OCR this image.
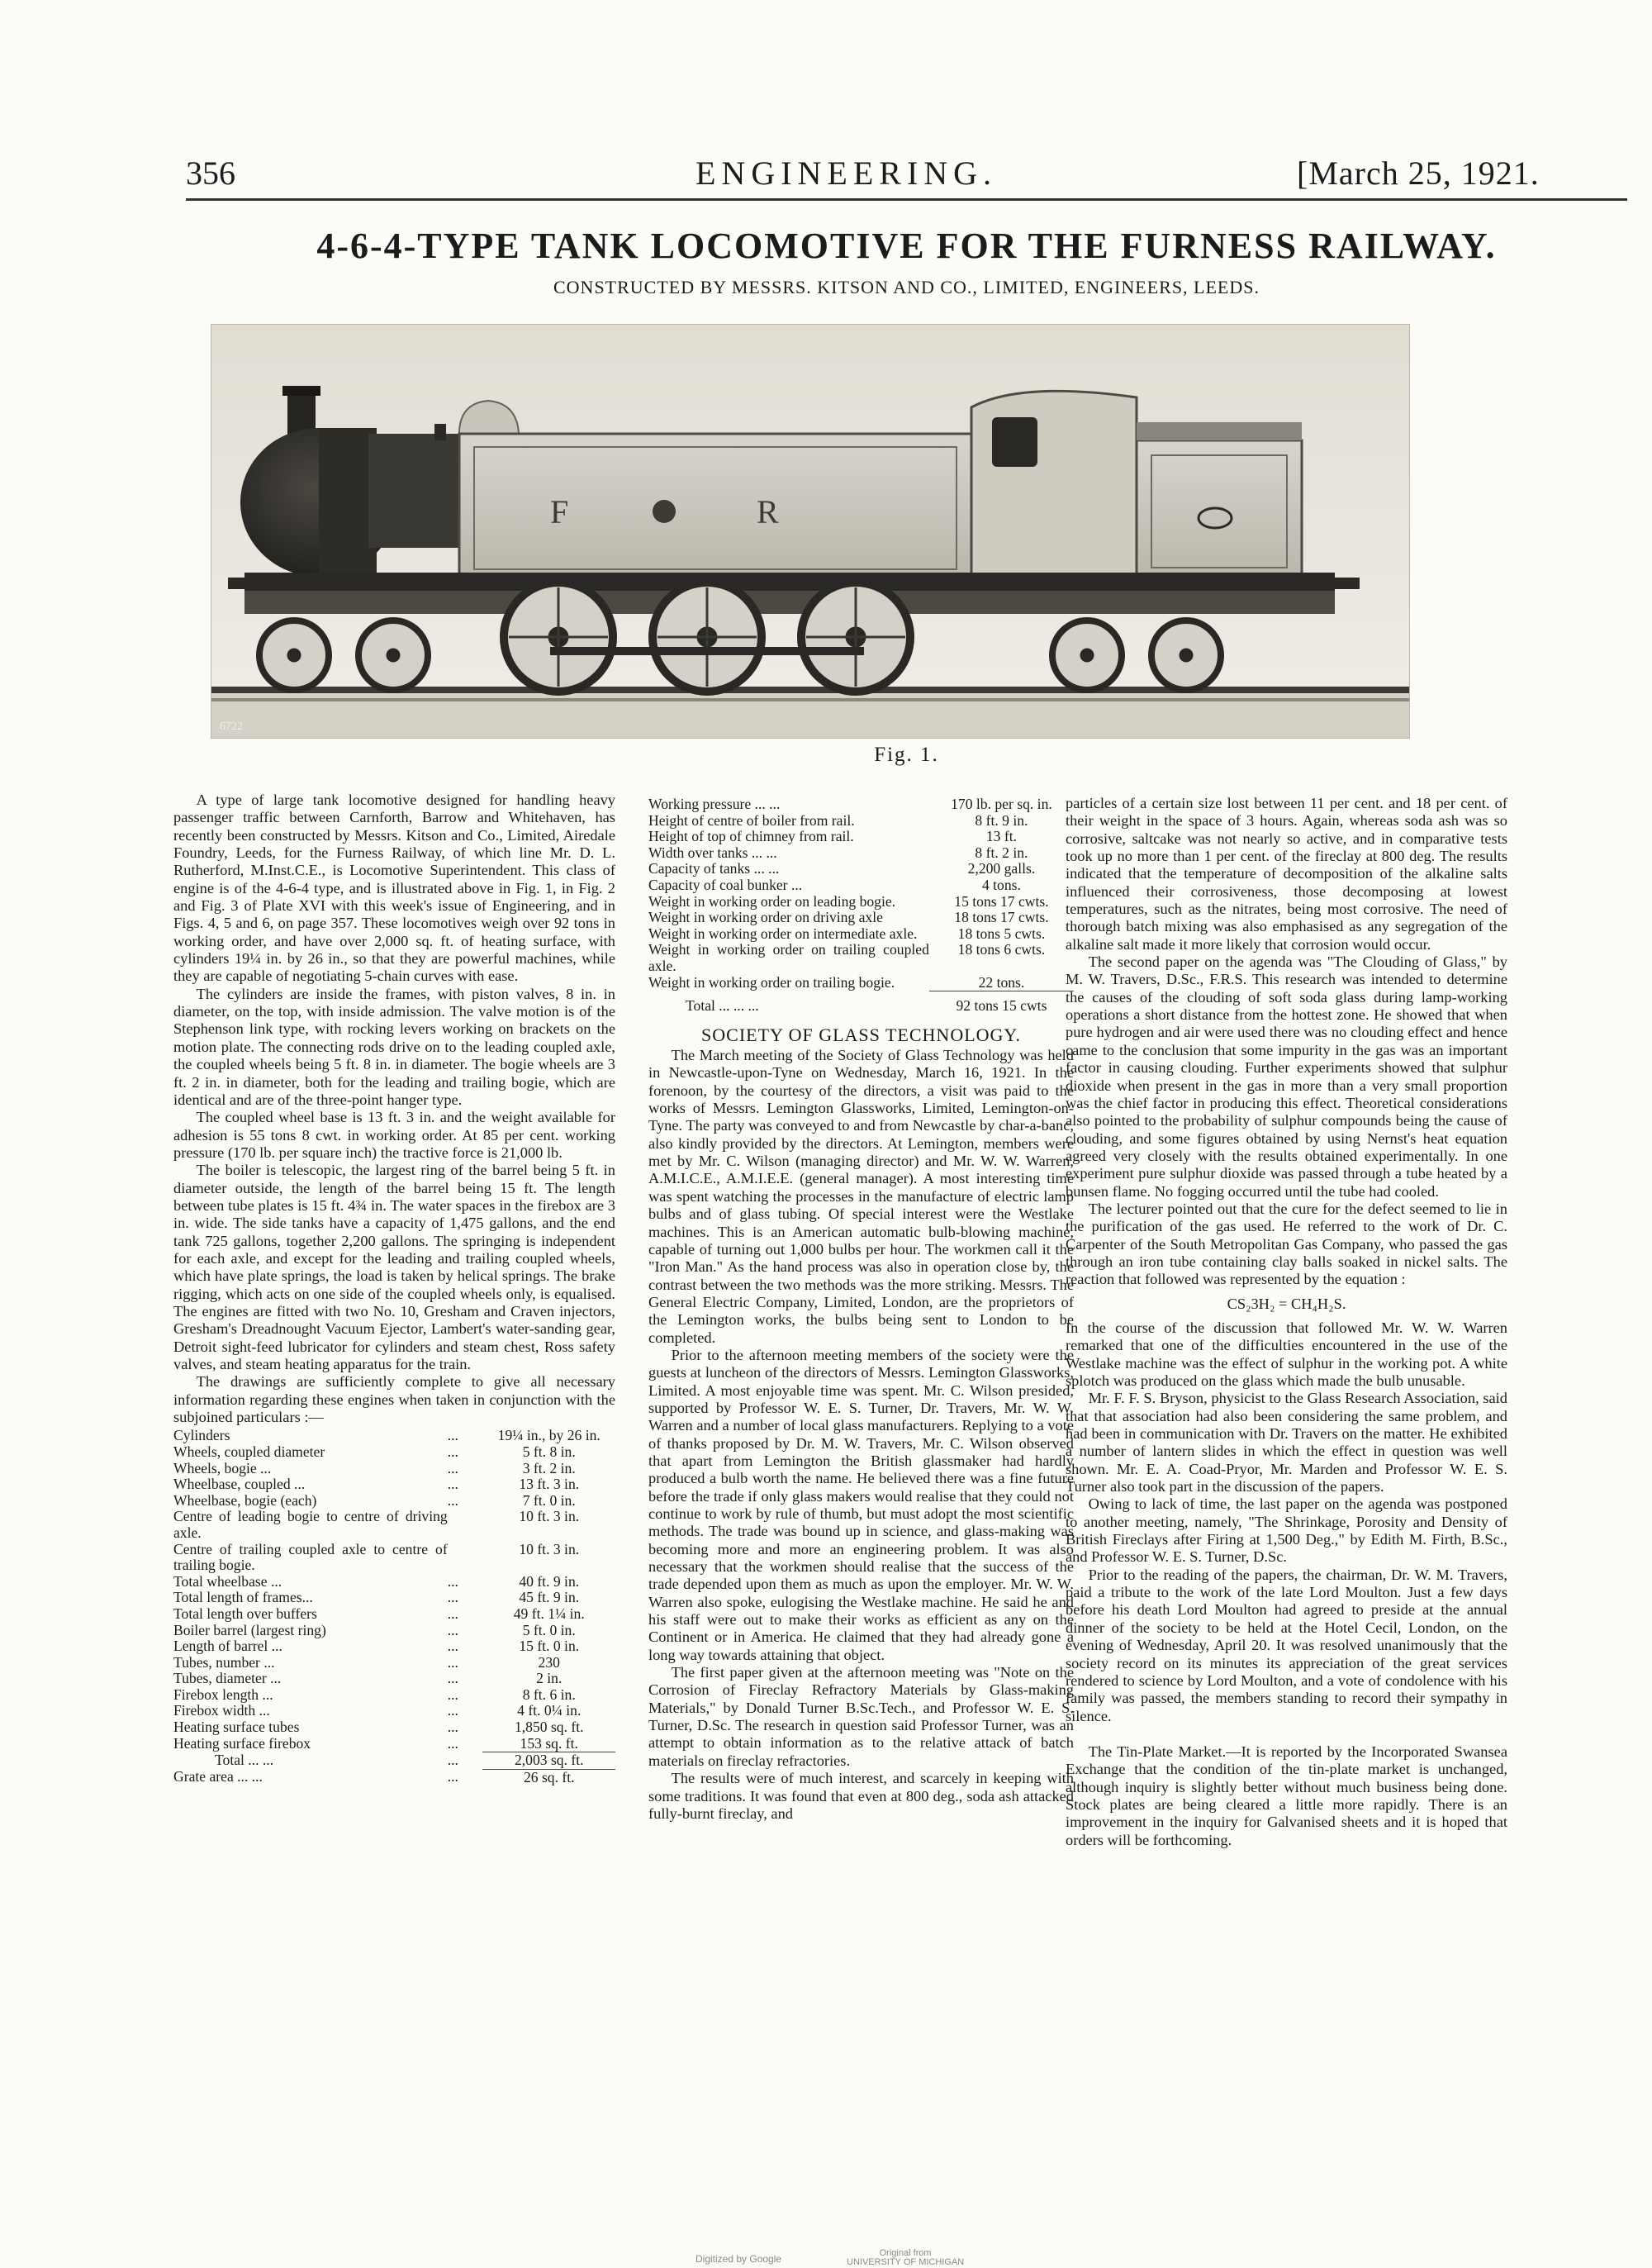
356	ENGINEERING.	[March 25, 1921.
4-6-4-TYPE TANK LOCOMOTIVE FOR THE FURNESS RAILWAY.
CONSTRUCTED BY MESSRS. KITSON AND CO., LIMITED, ENGINEERS, LEEDS.
F	R
6722
Fig. 1.

A type of large tank locomotive designed for handling heavy passenger traffic between Carnforth, Barrow and Whitehaven, has recently been constructed by Messrs. Kitson and Co., Limited, Airedale Foundry, Leeds, for the Furness Railway, of which line Mr. D. L. Rutherford, M.Inst.C.E., is Locomotive Superintendent. This class of engine is of the 4-6-4 type, and is illustrated above in Fig. 1, in Fig. 2 and Fig. 3 of Plate XVI with this week's issue of Engineering, and in Figs. 4, 5 and 6, on page 357. These locomotives weigh over 92 tons in working order, and have over 2,000 sq. ft. of heating surface, with cylinders 19¼ in. by 26 in., so that they are powerful machines, while they are capable of negotiating 5-chain curves with ease.

The cylinders are inside the frames, with piston valves, 8 in. in diameter, on the top, with inside admission. The valve motion is of the Stephenson link type, with rocking levers working on brackets on the motion plate. The connecting rods drive on to the leading coupled axle, the coupled wheels being 5 ft. 8 in. in diameter. The bogie wheels are 3 ft. 2 in. in diameter, both for the leading and trailing bogie, which are identical and are of the three-point hanger type.

The coupled wheel base is 13 ft. 3 in. and the weight available for adhesion is 55 tons 8 cwt. in working order. At 85 per cent. working pressure (170 lb. per square inch) the tractive force is 21,000 lb.

The boiler is telescopic, the largest ring of the barrel being 5 ft. in diameter outside, the length of the barrel being 15 ft. The length between tube plates is 15 ft. 4¾ in. The water spaces in the firebox are 3 in. wide. The side tanks have a capacity of 1,475 gallons, and the end tank 725 gallons, together 2,200 gallons. The springing is independent for each axle, and except for the leading and trailing coupled wheels, which have plate springs, the load is taken by helical springs. The brake rigging, which acts on one side of the coupled wheels only, is equalised. The engines are fitted with two No. 10, Gresham and Craven injectors, Gresham's Dreadnought Vacuum Ejector, Lambert's water-sanding gear, Detroit sight-feed lubricator for cylinders and steam chest, Ross safety valves, and steam heating apparatus for the train.

The drawings are sufficiently complete to give all necessary information regarding these engines when taken in conjunction with the subjoined particulars :—

Cylinders	...	19¼ in., by 26 in.
Wheels, coupled diameter	...	5 ft. 8 in.
Wheels, bogie ...	...	3 ft. 2 in.
Wheelbase, coupled ...	...	13 ft. 3 in.
Wheelbase, bogie (each)	...	7 ft. 0 in.
Centre of leading bogie to centre of driving axle.		10 ft. 3 in.
Centre of trailing coupled axle to centre of trailing bogie.		10 ft. 3 in.
Total wheelbase ...	...	40 ft. 9 in.
Total length of frames...	...	45 ft. 9 in.
Total length over buffers	...	49 ft. 1¼ in.
Boiler barrel (largest ring)	...	5 ft. 0 in.
Length of barrel ...	...	15 ft. 0 in.
Tubes, number ...	...	230
Tubes, diameter ...	...	2 in.
Firebox length ...	...	8 ft. 6 in.
Firebox width ...	...	4 ft. 0¼ in.
Heating surface tubes	...	1,850 sq. ft.
Heating surface firebox	...	153 sq. ft.
Total ... ...	...	2,003 sq. ft.
Grate area ... ...	...	26 sq. ft.
Working pressure ... ...	170 lb. per sq. in.
Height of centre of boiler from rail.	8 ft. 9 in.
Height of top of chimney from rail.	13 ft.
Width over tanks ... ...	8 ft. 2 in.
Capacity of tanks ... ...	2,200 galls.
Capacity of coal bunker ...	4 tons.
Weight in working order on leading bogie.	15 tons 17 cwts.
Weight in working order on driving axle	18 tons 17 cwts.
Weight in working order on intermediate axle.	18 tons 5 cwts.
Weight in working order on trailing coupled axle.	18 tons 6 cwts.
Weight in working order on trailing bogie.	22 tons.
Total ... ... ...	92 tons 15 cwts
SOCIETY OF GLASS TECHNOLOGY.

The March meeting of the Society of Glass Technology was held in Newcastle-upon-Tyne on Wednesday, March 16, 1921. In the forenoon, by the courtesy of the directors, a visit was paid to the works of Messrs. Lemington Glassworks, Limited, Lemington-on-Tyne. The party was conveyed to and from Newcastle by char-a-banc, also kindly provided by the directors. At Lemington, members were met by Mr. C. Wilson (managing director) and Mr. W. W. Warren, A.M.I.C.E., A.M.I.E.E. (general manager). A most interesting time was spent watching the processes in the manufacture of electric lamp bulbs and of glass tubing. Of special interest were the Westlake machines. This is an American automatic bulb-blowing machine, capable of turning out 1,000 bulbs per hour. The workmen call it the "Iron Man." As the hand process was also in operation close by, the contrast between the two methods was the more striking. Messrs. The General Electric Company, Limited, London, are the proprietors of the Lemington works, the bulbs being sent to London to be completed.

Prior to the afternoon meeting members of the society were the guests at luncheon of the directors of Messrs. Lemington Glassworks, Limited. A most enjoyable time was spent. Mr. C. Wilson presided, supported by Professor W. E. S. Turner, Dr. Travers, Mr. W. W. Warren and a number of local glass manufacturers. Replying to a vote of thanks proposed by Dr. M. W. Travers, Mr. C. Wilson observed that apart from Lemington the British glassmaker had hardly produced a bulb worth the name. He believed there was a fine future before the trade if only glass makers would realise that they could not continue to work by rule of thumb, but must adopt the most scientific methods. The trade was bound up in science, and glass-making was becoming more and more an engineering problem. It was also necessary that the workmen should realise that the success of the trade depended upon them as much as upon the employer. Mr. W. W. Warren also spoke, eulogising the Westlake machine. He said he and his staff were out to make their works as efficient as any on the Continent or in America. He claimed that they had already gone a long way towards attaining that object.

The first paper given at the afternoon meeting was "Note on the Corrosion of Fireclay Refractory Materials by Glass-making Materials," by Donald Turner B.Sc.Tech., and Professor W. E. S. Turner, D.Sc. The research in question said Professor Turner, was an attempt to obtain information as to the relative attack of batch materials on fireclay refractories.

The results were of much interest, and scarcely in keeping with some traditions. It was found that even at 800 deg., soda ash attacked fully-burnt fireclay, and

particles of a certain size lost between 11 per cent. and 18 per cent. of their weight in the space of 3 hours. Again, whereas soda ash was so corrosive, saltcake was not nearly so active, and in comparative tests took up no more than 1 per cent. of the fireclay at 800 deg. The results indicated that the temperature of decomposition of the alkaline salts influenced their corrosiveness, those decomposing at lowest temperatures, such as the nitrates, being most corrosive. The need of thorough batch mixing was also emphasised as any segregation of the alkaline salt made it more likely that corrosion would occur.

The second paper on the agenda was "The Clouding of Glass," by M. W. Travers, D.Sc., F.R.S. This research was intended to determine the causes of the clouding of soft soda glass during lamp-working operations a short distance from the hottest zone. He showed that when pure hydrogen and air were used there was no clouding effect and hence came to the conclusion that some impurity in the gas was an important factor in causing clouding. Further experiments showed that sulphur dioxide when present in the gas in more than a very small proportion was the chief factor in producing this effect. Theoretical considerations also pointed to the probability of sulphur compounds being the cause of clouding, and some figures obtained by using Nernst's heat equation agreed very closely with the results obtained experimentally. In one experiment pure sulphur dioxide was passed through a tube heated by a bunsen flame. No fogging occurred until the tube had cooled.

The lecturer pointed out that the cure for the defect seemed to lie in the purification of the gas used. He referred to the work of Dr. C. Carpenter of the South Metropolitan Gas Company, who passed the gas through an iron tube containing clay balls soaked in nickel salts. The reaction that followed was represented by the equation :

CS₂3H₂ = CH₄H₂S.

In the course of the discussion that followed Mr. W. W. Warren remarked that one of the difficulties encountered in the use of the Westlake machine was the effect of sulphur in the working pot. A white splotch was produced on the glass which made the bulb unusable.

Mr. F. F. S. Bryson, physicist to the Glass Research Association, said that that association had also been considering the same problem, and had been in communication with Dr. Travers on the matter. He exhibited a number of lantern slides in which the effect in question was well shown. Mr. E. A. Coad-Pryor, Mr. Marden and Professor W. E. S. Turner also took part in the discussion of the papers.

Owing to lack of time, the last paper on the agenda was postponed to another meeting, namely, "The Shrinkage, Porosity and Density of British Fireclays after Firing at 1,500 Deg.," by Edith M. Firth, B.Sc., and Professor W. E. S. Turner, D.Sc.

Prior to the reading of the papers, the chairman, Dr. W. M. Travers, paid a tribute to the work of the late Lord Moulton. Just a few days before his death Lord Moulton had agreed to preside at the annual dinner of the society to be held at the Hotel Cecil, London, on the evening of Wednesday, April 20. It was resolved unanimously that the society record on its minutes its appreciation of the great services rendered to science by Lord Moulton, and a vote of condolence with his family was passed, the members standing to record their sympathy in silence.

The Tin-Plate Market.—It is reported by the Incorporated Swansea Exchange that the condition of the tin-plate market is unchanged, although inquiry is slightly better without much business being done. Stock plates are being cleared a little more rapidly. There is an improvement in the inquiry for Galvanised sheets and it is hoped that orders will be forthcoming.

Digitized by Google	Original from
UNIVERSITY OF MICHIGAN
